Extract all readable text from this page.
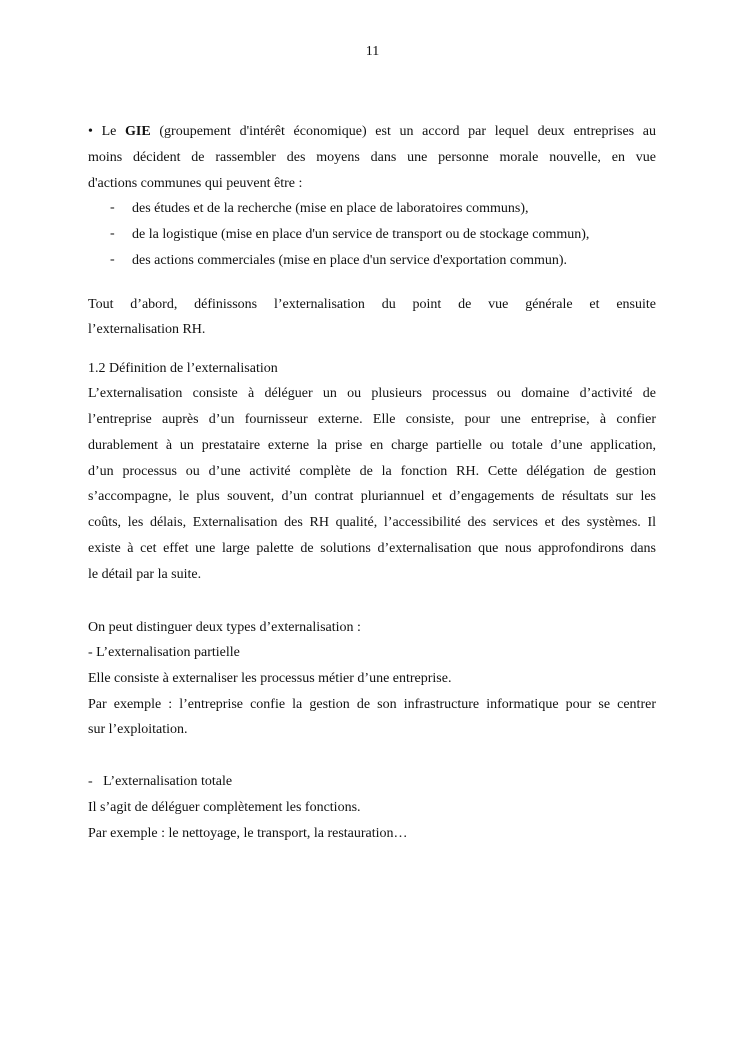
11
• Le GIE (groupement d'intérêt économique) est un accord par lequel deux entreprises au
moins décident de rassembler des moyens dans une personne morale nouvelle, en vue
d'actions communes qui peuvent être :
- des études et de la recherche (mise en place de laboratoires communs),
- de la logistique (mise en place d'un service de transport ou de stockage commun),
- des actions commerciales (mise en place d'un service d'exportation commun).
Tout d’abord, définissons l’externalisation du point de vue générale et ensuite
l’externalisation RH.
1.2 Définition de l’externalisation
L’externalisation consiste à déléguer un ou plusieurs processus ou domaine d’activité de
l’entreprise auprès d’un fournisseur externe. Elle consiste, pour une entreprise, à confier
durablement à un prestataire externe la prise en charge partielle ou totale d’une application,
d’un processus ou d’une activité complète de la fonction RH. Cette délégation de gestion
s’accompagne, le plus souvent, d’un contrat pluriannuel et d’engagements de résultats sur les
coûts, les délais, Externalisation des RH qualité, l’accessibilité des services et des systèmes. Il
existe à cet effet une large palette de solutions d’externalisation que nous approfondirons dans
le détail par la suite.
On peut distinguer deux types d’externalisation :
- L’externalisation partielle
Elle consiste à externaliser les processus métier d’une entreprise.
Par exemple : l’entreprise confie la gestion de son infrastructure informatique pour se centrer
sur l’exploitation.
-   L’externalisation totale
Il s’agit de déléguer complètement les fonctions.
Par exemple : le nettoyage, le transport, la restauration…
